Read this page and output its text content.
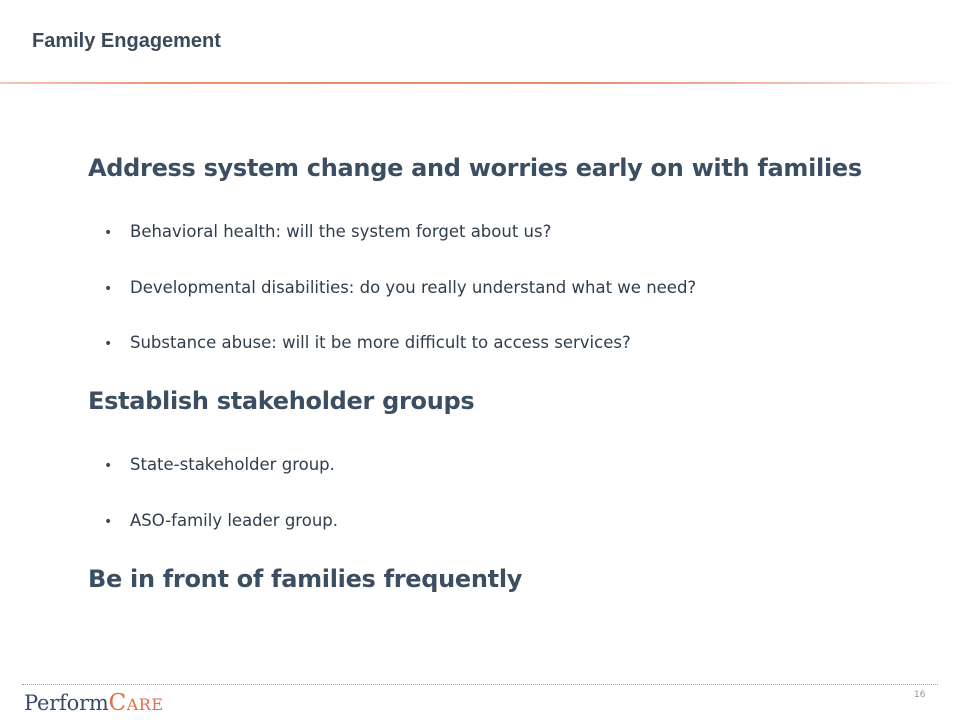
Family Engagement
Address system change and worries early on with families
• Behavioral health: will the system forget about us?
• Developmental disabilities: do you really understand what we need?
• Substance abuse: will it be more difficult to access services?
Establish stakeholder groups
• State-stakeholder group.
• ASO-family leader group.
Be in front of families frequently
PerformCare	16
